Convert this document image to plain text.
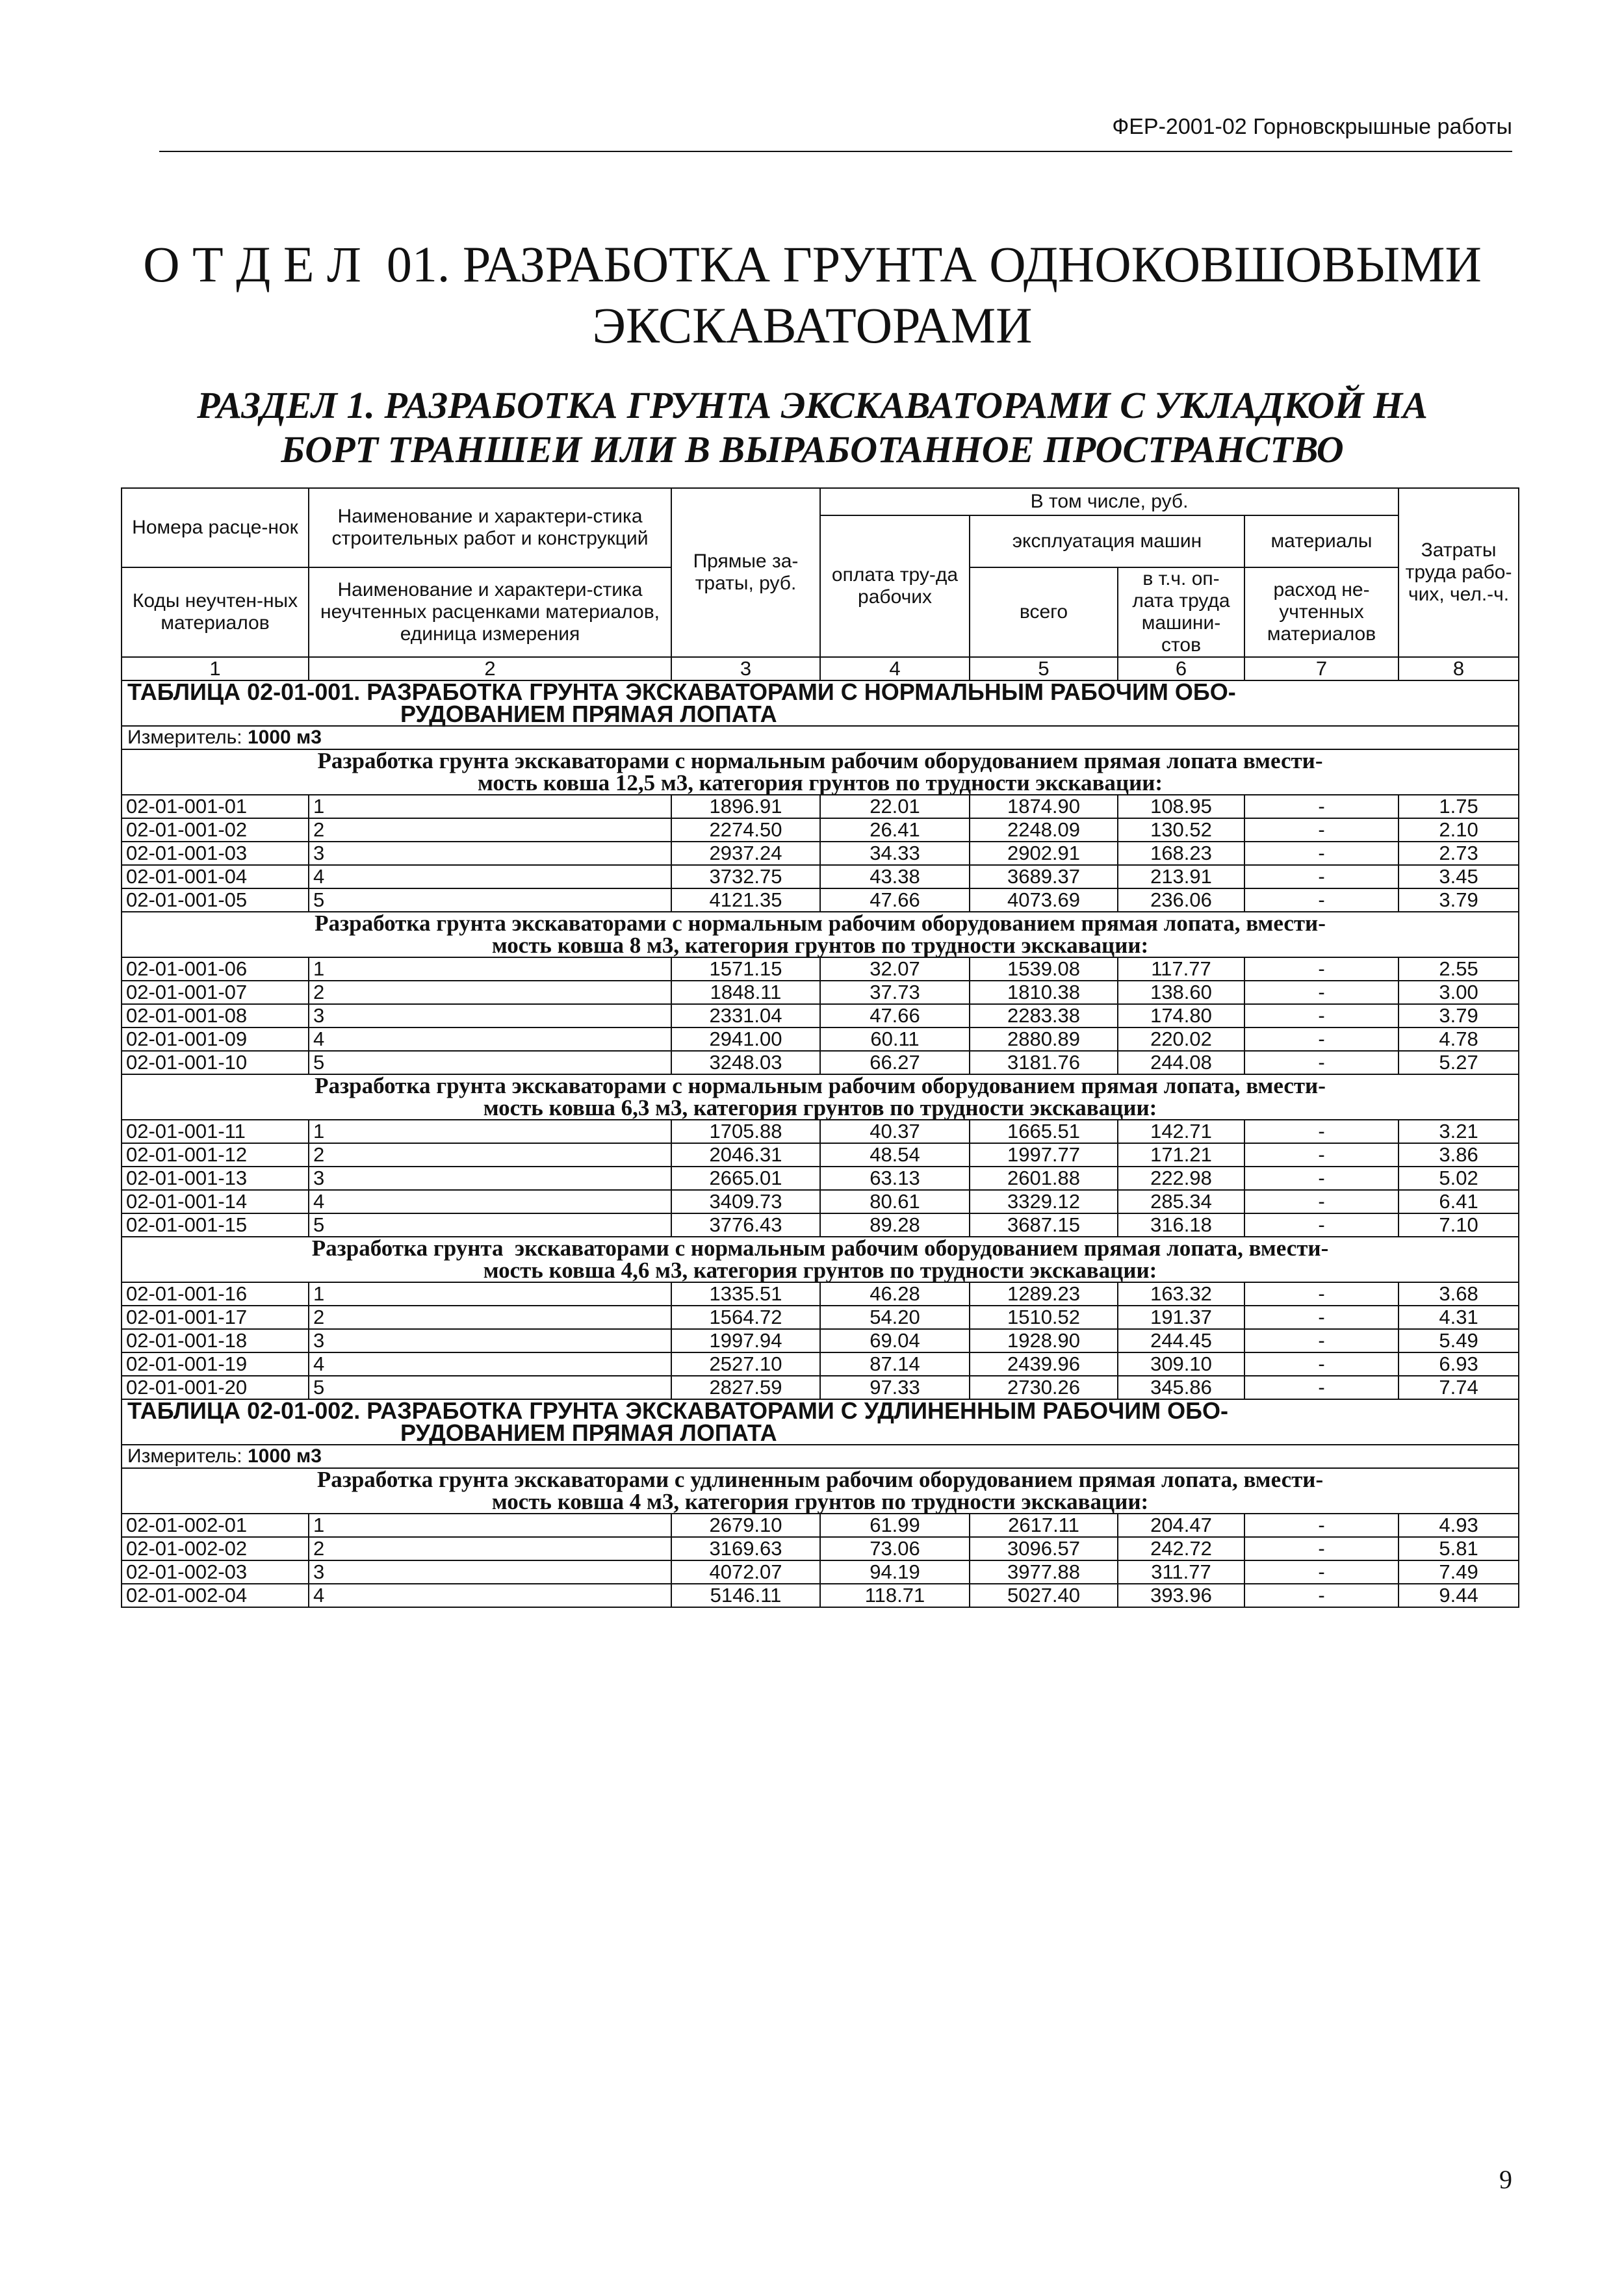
ФЕР-2001-02 Горновскрышные работы
О Т Д Е Л  01. РАЗРАБОТКА ГРУНТА ОДНОКОВШОВЫМИ
ЭКСКАВАТОРАМИ
РАЗДЕЛ 1. РАЗРАБОТКА ГРУНТА ЭКСКАВАТОРАМИ С УКЛАДКОЙ НА
БОРТ ТРАНШЕИ ИЛИ В ВЫРАБОТАННОЕ ПРОСТРАНСТВО
Номера расце-нок	Наименование и характери-стика строительных работ и конструкций	Прямые за-траты, руб.	В том числе, руб.				Затраты труда рабо-чих, чел.-ч.
			оплата тру-да рабочих	эксплуатация машин		материалы	
Коды неучтен-ных материалов	Наименование и характери-стика неучтенных расценками материалов, единица измерения			всего	в т.ч. оп-лата труда машини-стов	расход не-учтенных материалов	

1	2	3	4	5	6	7	8

ТАБЛИЦА 02-01-001. РАЗРАБОТКА ГРУНТА ЭКСКАВАТОРАМИ С НОРМАЛЬНЫМ РАБОЧИМ ОБО-
РУДОВАНИЕМ ПРЯМАЯ ЛОПАТА							

Измеритель: 1000 м3							

Разработка грунта экскаваторами с нормальным рабочим оборудованием прямая лопата вмести-
мость ковша 12,5 м3, категория грунтов по трудности экскавации:							

02-01-001-01	1	1896.91	22.01	1874.90	108.95	-	1.75
02-01-001-02	2	2274.50	26.41	2248.09	130.52	-	2.10
02-01-001-03	3	2937.24	34.33	2902.91	168.23	-	2.73
02-01-001-04	4	3732.75	43.38	3689.37	213.91	-	3.45
02-01-001-05	5	4121.35	47.66	4073.69	236.06	-	3.79

Разработка грунта экскаваторами с нормальным рабочим оборудованием прямая лопата, вмести-
мость ковша 8 м3, категория грунтов по трудности экскавации:							

02-01-001-06	1	1571.15	32.07	1539.08	117.77	-	2.55
02-01-001-07	2	1848.11	37.73	1810.38	138.60	-	3.00
02-01-001-08	3	2331.04	47.66	2283.38	174.80	-	3.79
02-01-001-09	4	2941.00	60.11	2880.89	220.02	-	4.78
02-01-001-10	5	3248.03	66.27	3181.76	244.08	-	5.27

Разработка грунта экскаваторами с нормальным рабочим оборудованием прямая лопата, вмести-
мость ковша 6,3 м3, категория грунтов по трудности экскавации:							

02-01-001-11	1	1705.88	40.37	1665.51	142.71	-	3.21
02-01-001-12	2	2046.31	48.54	1997.77	171.21	-	3.86
02-01-001-13	3	2665.01	63.13	2601.88	222.98	-	5.02
02-01-001-14	4	3409.73	80.61	3329.12	285.34	-	6.41
02-01-001-15	5	3776.43	89.28	3687.15	316.18	-	7.10

Разработка грунта  экскаваторами с нормальным рабочим оборудованием прямая лопата, вмести-
мость ковша 4,6 м3, категория грунтов по трудности экскавации:							

02-01-001-16	1	1335.51	46.28	1289.23	163.32	-	3.68
02-01-001-17	2	1564.72	54.20	1510.52	191.37	-	4.31
02-01-001-18	3	1997.94	69.04	1928.90	244.45	-	5.49
02-01-001-19	4	2527.10	87.14	2439.96	309.10	-	6.93
02-01-001-20	5	2827.59	97.33	2730.26	345.86	-	7.74

ТАБЛИЦА 02-01-002. РАЗРАБОТКА ГРУНТА ЭКСКАВАТОРАМИ С УДЛИНЕННЫМ РАБОЧИМ ОБО-
РУДОВАНИЕМ ПРЯМАЯ ЛОПАТА							

Измеритель: 1000 м3							

Разработка грунта экскаваторами с удлиненным рабочим оборудованием прямая лопата, вмести-
мость ковша 4 м3, категория грунтов по трудности экскавации:							

02-01-002-01	1	2679.10	61.99	2617.11	204.47	-	4.93
02-01-002-02	2	3169.63	73.06	3096.57	242.72	-	5.81
02-01-002-03	3	4072.07	94.19	3977.88	311.77	-	7.49
02-01-002-04	4	5146.11	118.71	5027.40	393.96	-	9.44
9
